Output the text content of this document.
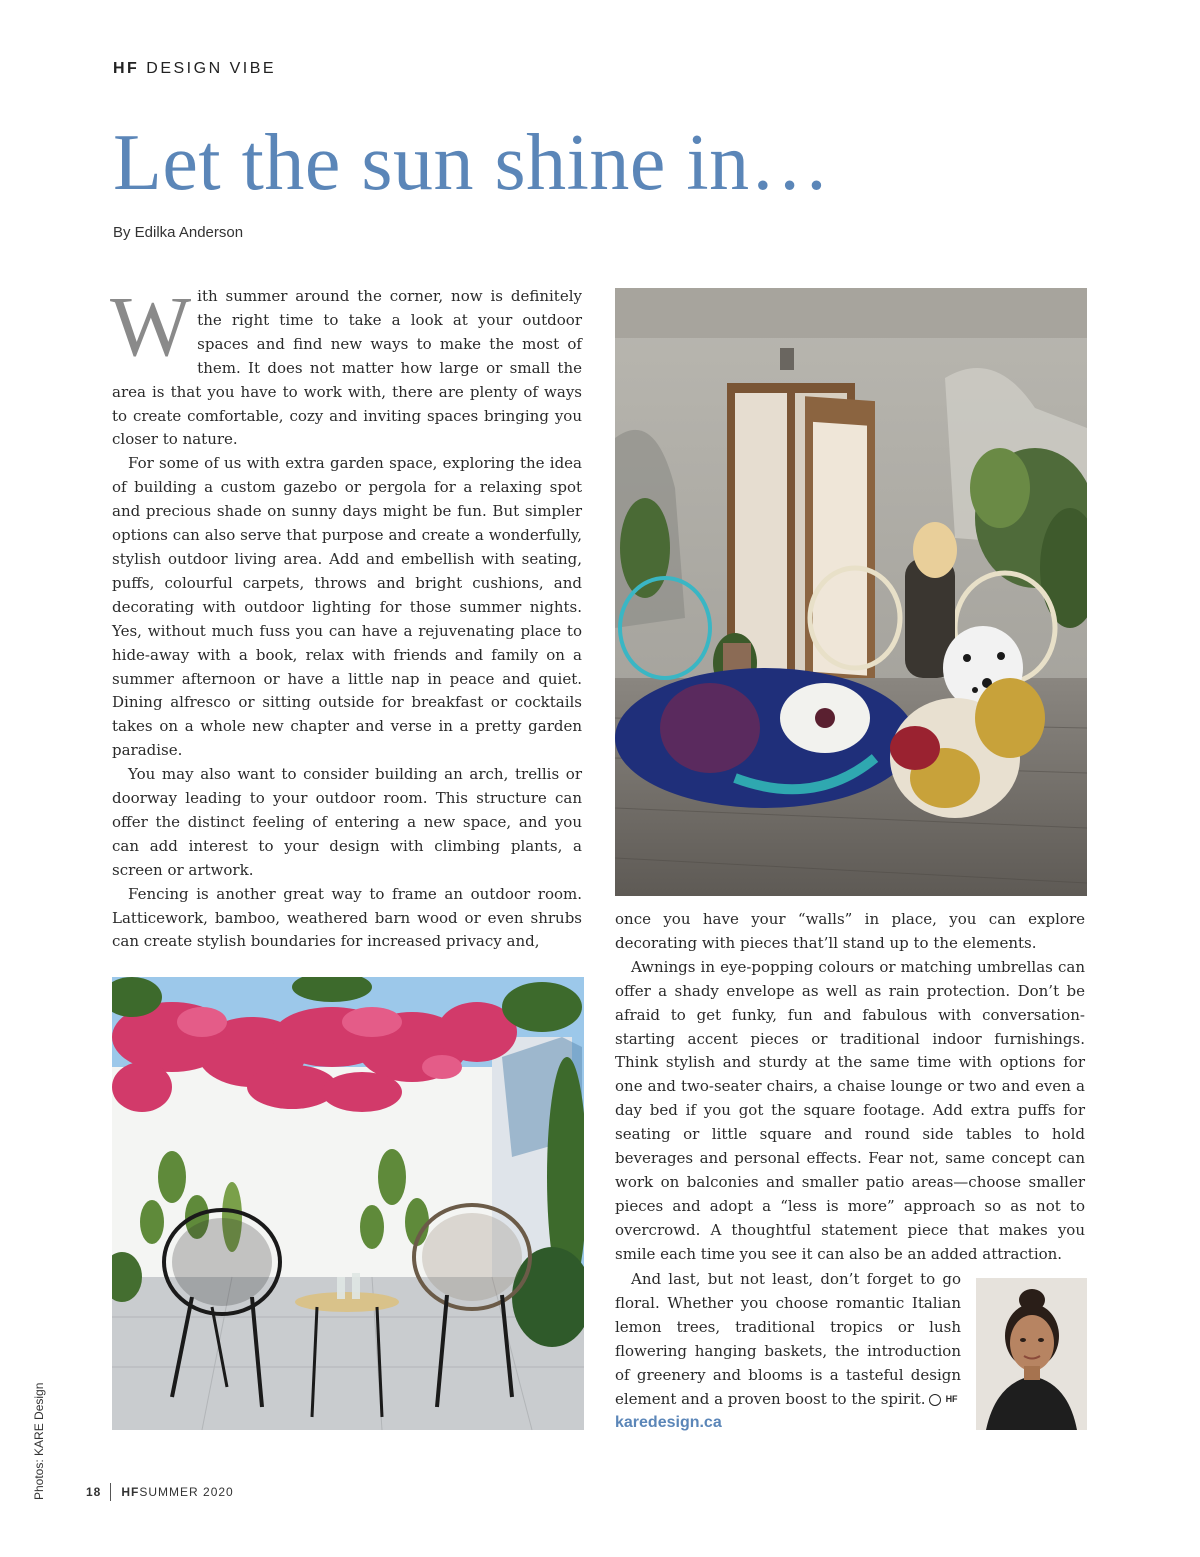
HF DESIGN VIBE
Let the sun shine in…
By Edilka Anderson

With summer around the corner, now is definitely the right time to take a look at your outdoor spaces and find new ways to make the most of them. It does not matter how large or small the area is that you have to work with, there are plenty of ways to create comfortable, cozy and inviting spaces bringing you closer to nature.

For some of us with extra garden space, exploring the idea of building a custom gazebo or pergola for a relaxing spot and precious shade on sunny days might be fun. But simpler options can also serve that purpose and create a wonderfully, stylish outdoor living area. Add and embellish with seating, puffs, colourful carpets, throws and bright cushions, and decorating with outdoor lighting for those summer nights. Yes, without much fuss you can have a rejuvenating place to hide-away with a book, relax with friends and family on a summer afternoon or have a little nap in peace and quiet. Dining alfresco or sitting outside for breakfast or cocktails takes on a whole new chapter and verse in a pretty garden paradise.

You may also want to consider building an arch, trellis or doorway leading to your outdoor room. This structure can offer the distinct feeling of entering a new space, and you can add interest to your design with climbing plants, a screen or artwork.

Fencing is another great way to frame an outdoor room. Latticework, bamboo, weathered barn wood or even shrubs can create stylish boundaries for increased privacy and,

once you have your “walls” in place, you can explore decorating with pieces that’ll stand up to the elements.

Awnings in eye-popping colours or matching umbrellas can offer a shady envelope as well as rain protection. Don’t be afraid to get funky, fun and fabulous with conversation-starting accent pieces or traditional indoor furnishings. Think stylish and sturdy at the same time with options for one and two-seater chairs, a chaise lounge or two and even a day bed if you got the square footage. Add extra puffs for seating or little square and round side tables to hold beverages and personal effects. Fear not, same concept can work on balconies and smaller patio areas—choose smaller pieces and adopt a “less is more” approach so as not to overcrowd. A thoughtful statement piece that makes you smile each time you see it can also be an added attraction.

And last, but not least, don’t forget to go floral. Whether you choose romantic Italian lemon trees, traditional tropics or lush flowering hanging baskets, the introduction of greenery and blooms is a tasteful design element and a proven boost to the spirit. HF

karedesign.ca

18 HF SUMMER 2020
Photos: KARE Design
